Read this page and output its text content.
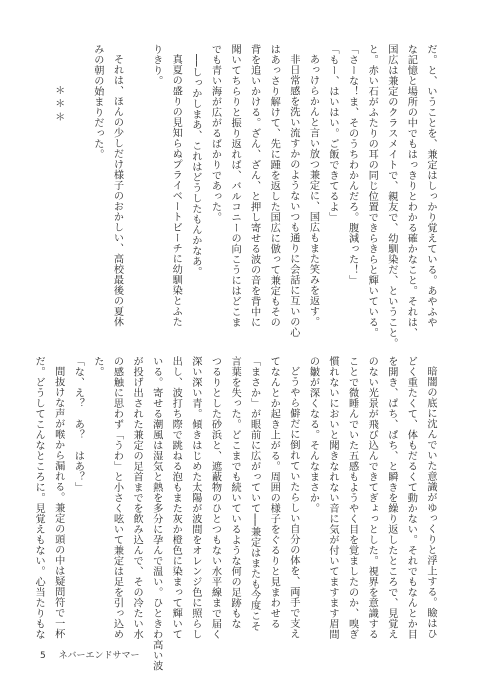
だ。と、いうことを、兼定はしっかり覚えている。あやふや
な記憶と場所の中でもはっきりとわかる確かなこと。それは、
国広は兼定のクラスメイトで、親友で、幼馴染だ、ということ。
と。赤い石がふたりの耳の同じ位置できらきらと輝いている。
「さーな！ま、そのうちわかんだろ。腹減った！」
「もー、はいはい。ご飯できてるよ」
あっけらかんと言い放つ兼定に、国広もまた笑みを返す。
非日常感を洗い流すかのようないつも通りに会話に互いの心
はあっさり解けて、先に踵を返した国広に倣って兼定もその
背を追いかける。ざん、ざん、と押し寄せる波の音を背中に
聞いてちらりと振り返れば、バルコニーの向こうにはどこま
でも青い海が広がるばかりであった。
──しっかしまあ、これはどうしたもんかなあ。
真夏の盛りの見知らぬプライベートビーチに幼馴染とふた
りきり。

それは、ほんの少しだけ様子のおかしい、高校最後の夏休
みの朝の始まりだった。

＊＊＊
暗闇の底に沈んでいた意識がゆっくりと浮上する。瞼はひ
どく重たくて、体もだるくて動かない。それでもなんとか目
を開き、ぱち、ぱち、と瞬きを繰り返したところで、見覚え
のない光景が飛び込んできてぎょっとした。視界を意識する
ことで微睡んでいた五感もようやく目を覚ましたのか、嗅ぎ
慣れないにおいと聞きなれない音に気が付いてますます眉間
の皺が深くなる。そんなまさか。
どうやら僻だに倒れていたらしい自分の体を、両手で支え
てなんとか起き上がる。周囲の様子をぐるりと見まわせる
「まさか」が眼前に広がっていて──兼定はまたも今度こそ
言葉を失った。どこまでも続いているような何の足跡もな
つるりとした砂浜と、遮蔽物のひとつもない水平線まで届く
深い深い青。傾きはじめた太陽が波間をオレンジ色に照らし
出し、波打ち際で跳ねる泡もまた灰か橙色に染まって輝いて
いる。寄せる潮風は湿気と熱を多分に孕んで温い。ひときわ高い波
が投げ出された兼定の足首までを飲み込んで、その冷たい水
の感触に思わず「うわ」と小さく呟いて兼定は足を引っ込め
た。
「な、え？　あ？　はあ？」
間抜けな声が喉から漏れる。兼定の頭の中は疑問符で一杯
だ。どうしてこんなところに。見覚えもない。心当たりもな
5 ネバーエンドサマー
